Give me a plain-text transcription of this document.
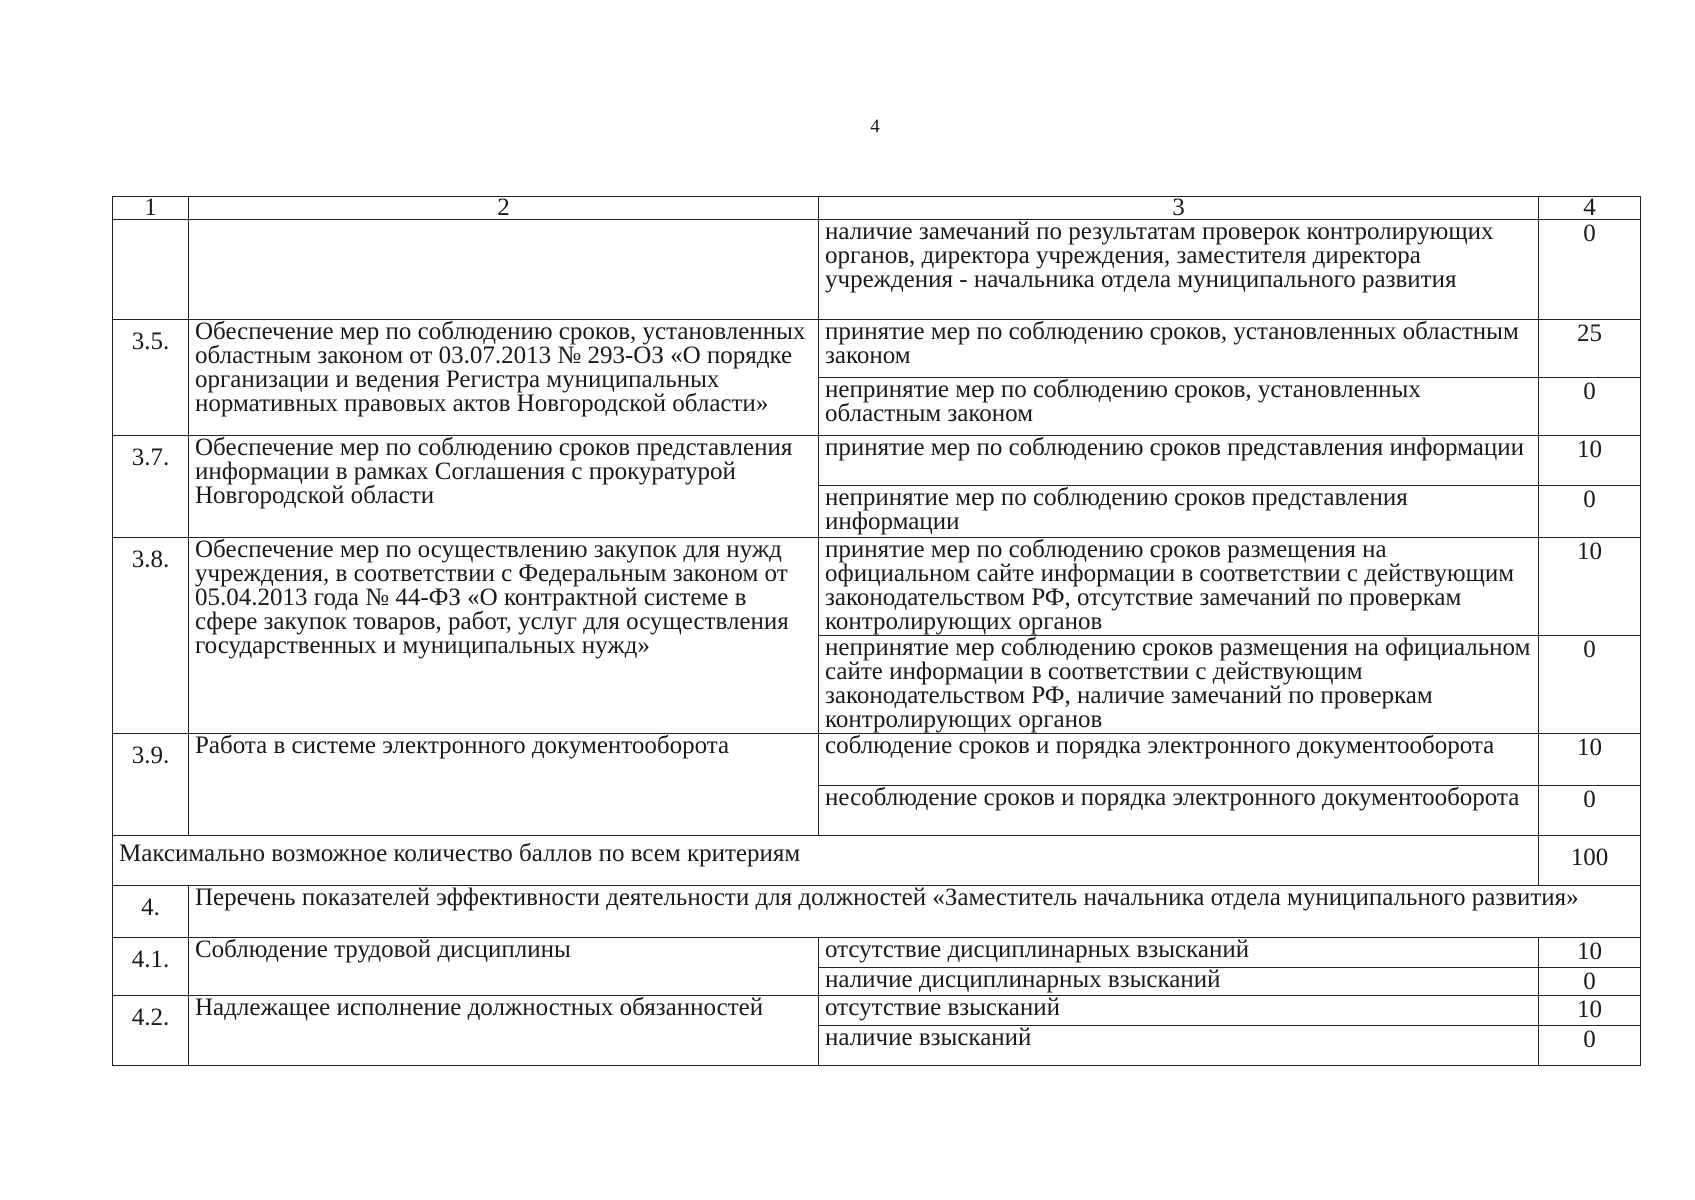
4
1	2	3	4
		наличие замечаний по результатам проверок контролирующих органов, директора учреждения, заместителя директора учреждения - начальника отдела муниципального развития	0
3.5.	Обеспечение мер по соблюдению сроков, установленных областным законом от 03.07.2013 № 293-ОЗ «О порядке организации и ведения Регистра муниципальных нормативных правовых актов Новгородской области»	принятие мер по соблюдению сроков, установленных областным законом	25
		непринятие мер по соблюдению сроков, установленных областным законом	0
3.7.	Обеспечение мер по соблюдению сроков представления информации в рамках Соглашения с прокуратурой Новгородской области	принятие мер по соблюдению сроков представления информации	10
		непринятие мер по соблюдению сроков представления информации	0
3.8.	Обеспечение мер по осуществлению закупок для нужд учреждения, в соответствии с Федеральным законом от 05.04.2013 года № 44-ФЗ «О контрактной системе в сфере закупок товаров, работ, услуг для осуществления государственных и муниципальных нужд»	принятие мер по соблюдению сроков размещения на официальном сайте информации в соответствии с действующим законодательством РФ, отсутствие замечаний по проверкам контролирующих органов	10
		непринятие мер соблюдению сроков размещения на официальном сайте информации в соответствии с действующим законодательством РФ, наличие замечаний по проверкам контролирующих органов	0
3.9.	Работа в системе электронного документооборота	соблюдение сроков и порядка электронного документооборота	10
		несоблюдение сроков и порядка электронного документооборота	0
Максимально возможное количество баллов по всем критериям			100
4.	Перечень показателей эффективности деятельности для должностей «Заместитель начальника отдела муниципального развития»		
4.1.	Соблюдение трудовой дисциплины	отсутствие дисциплинарных взысканий	10
		наличие дисциплинарных взысканий	0
4.2.	Надлежащее исполнение должностных обязанностей	отсутствие взысканий	10
		наличие взысканий	0
